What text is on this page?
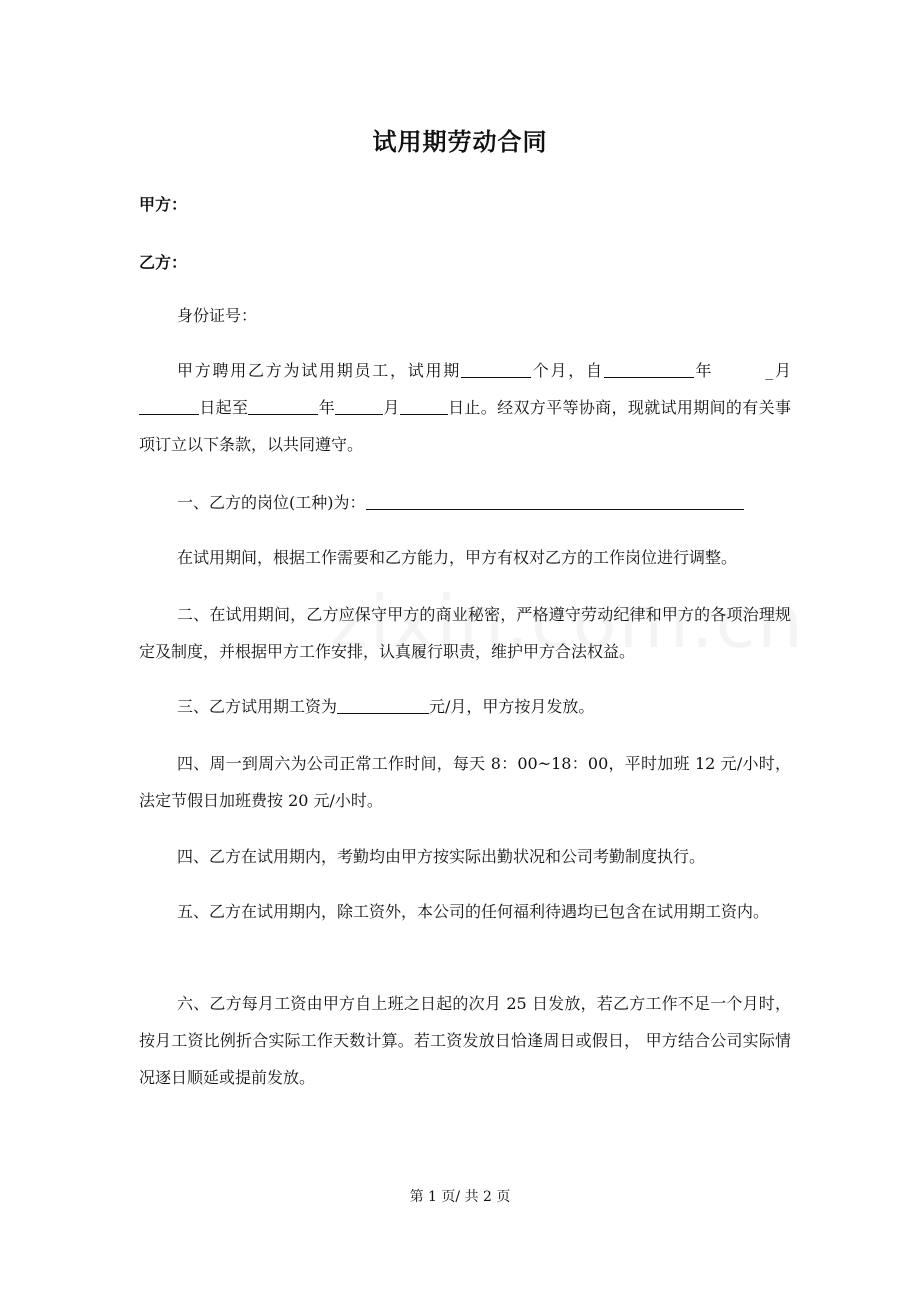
试用期劳动合同
甲方：
乙方：
身份证号：
甲方聘用乙方为试用期员工，试用期	个月，自	年	_月日起至	年	月	日止。经双方平等协商，现就试用期间的有关事项订立以下条款，以共同遵守。
一、乙方的岗位(工种)为：
在试用期间，根据工作需要和乙方能力，甲方有权对乙方的工作岗位进行调整。
二、在试用期间，乙方应保守甲方的商业秘密，严格遵守劳动纪律和甲方的各项治理规定及制度，并根据甲方工作安排，认真履行职责，维护甲方合法权益。
三、乙方试用期工资为	元/月，甲方按月发放。
四、周一到周六为公司正常工作时间，每天 8：00~18：00，平时加班 12 元/小时，法定节假日加班费按 20 元/小时。
四、乙方在试用期内，考勤均由甲方按实际出勤状况和公司考勤制度执行。
五、乙方在试用期内，除工资外，本公司的任何福利待遇均已包含在试用期工资内。
六、乙方每月工资由甲方自上班之日起的次月 25 日发放，若乙方工作不足一个月时，按月工资比例折合实际工作天数计算。若工资发放日恰逢周日或假日， 甲方结合公司实际情况逐日顺延或提前发放。
第 1 页/ 共 2 页
